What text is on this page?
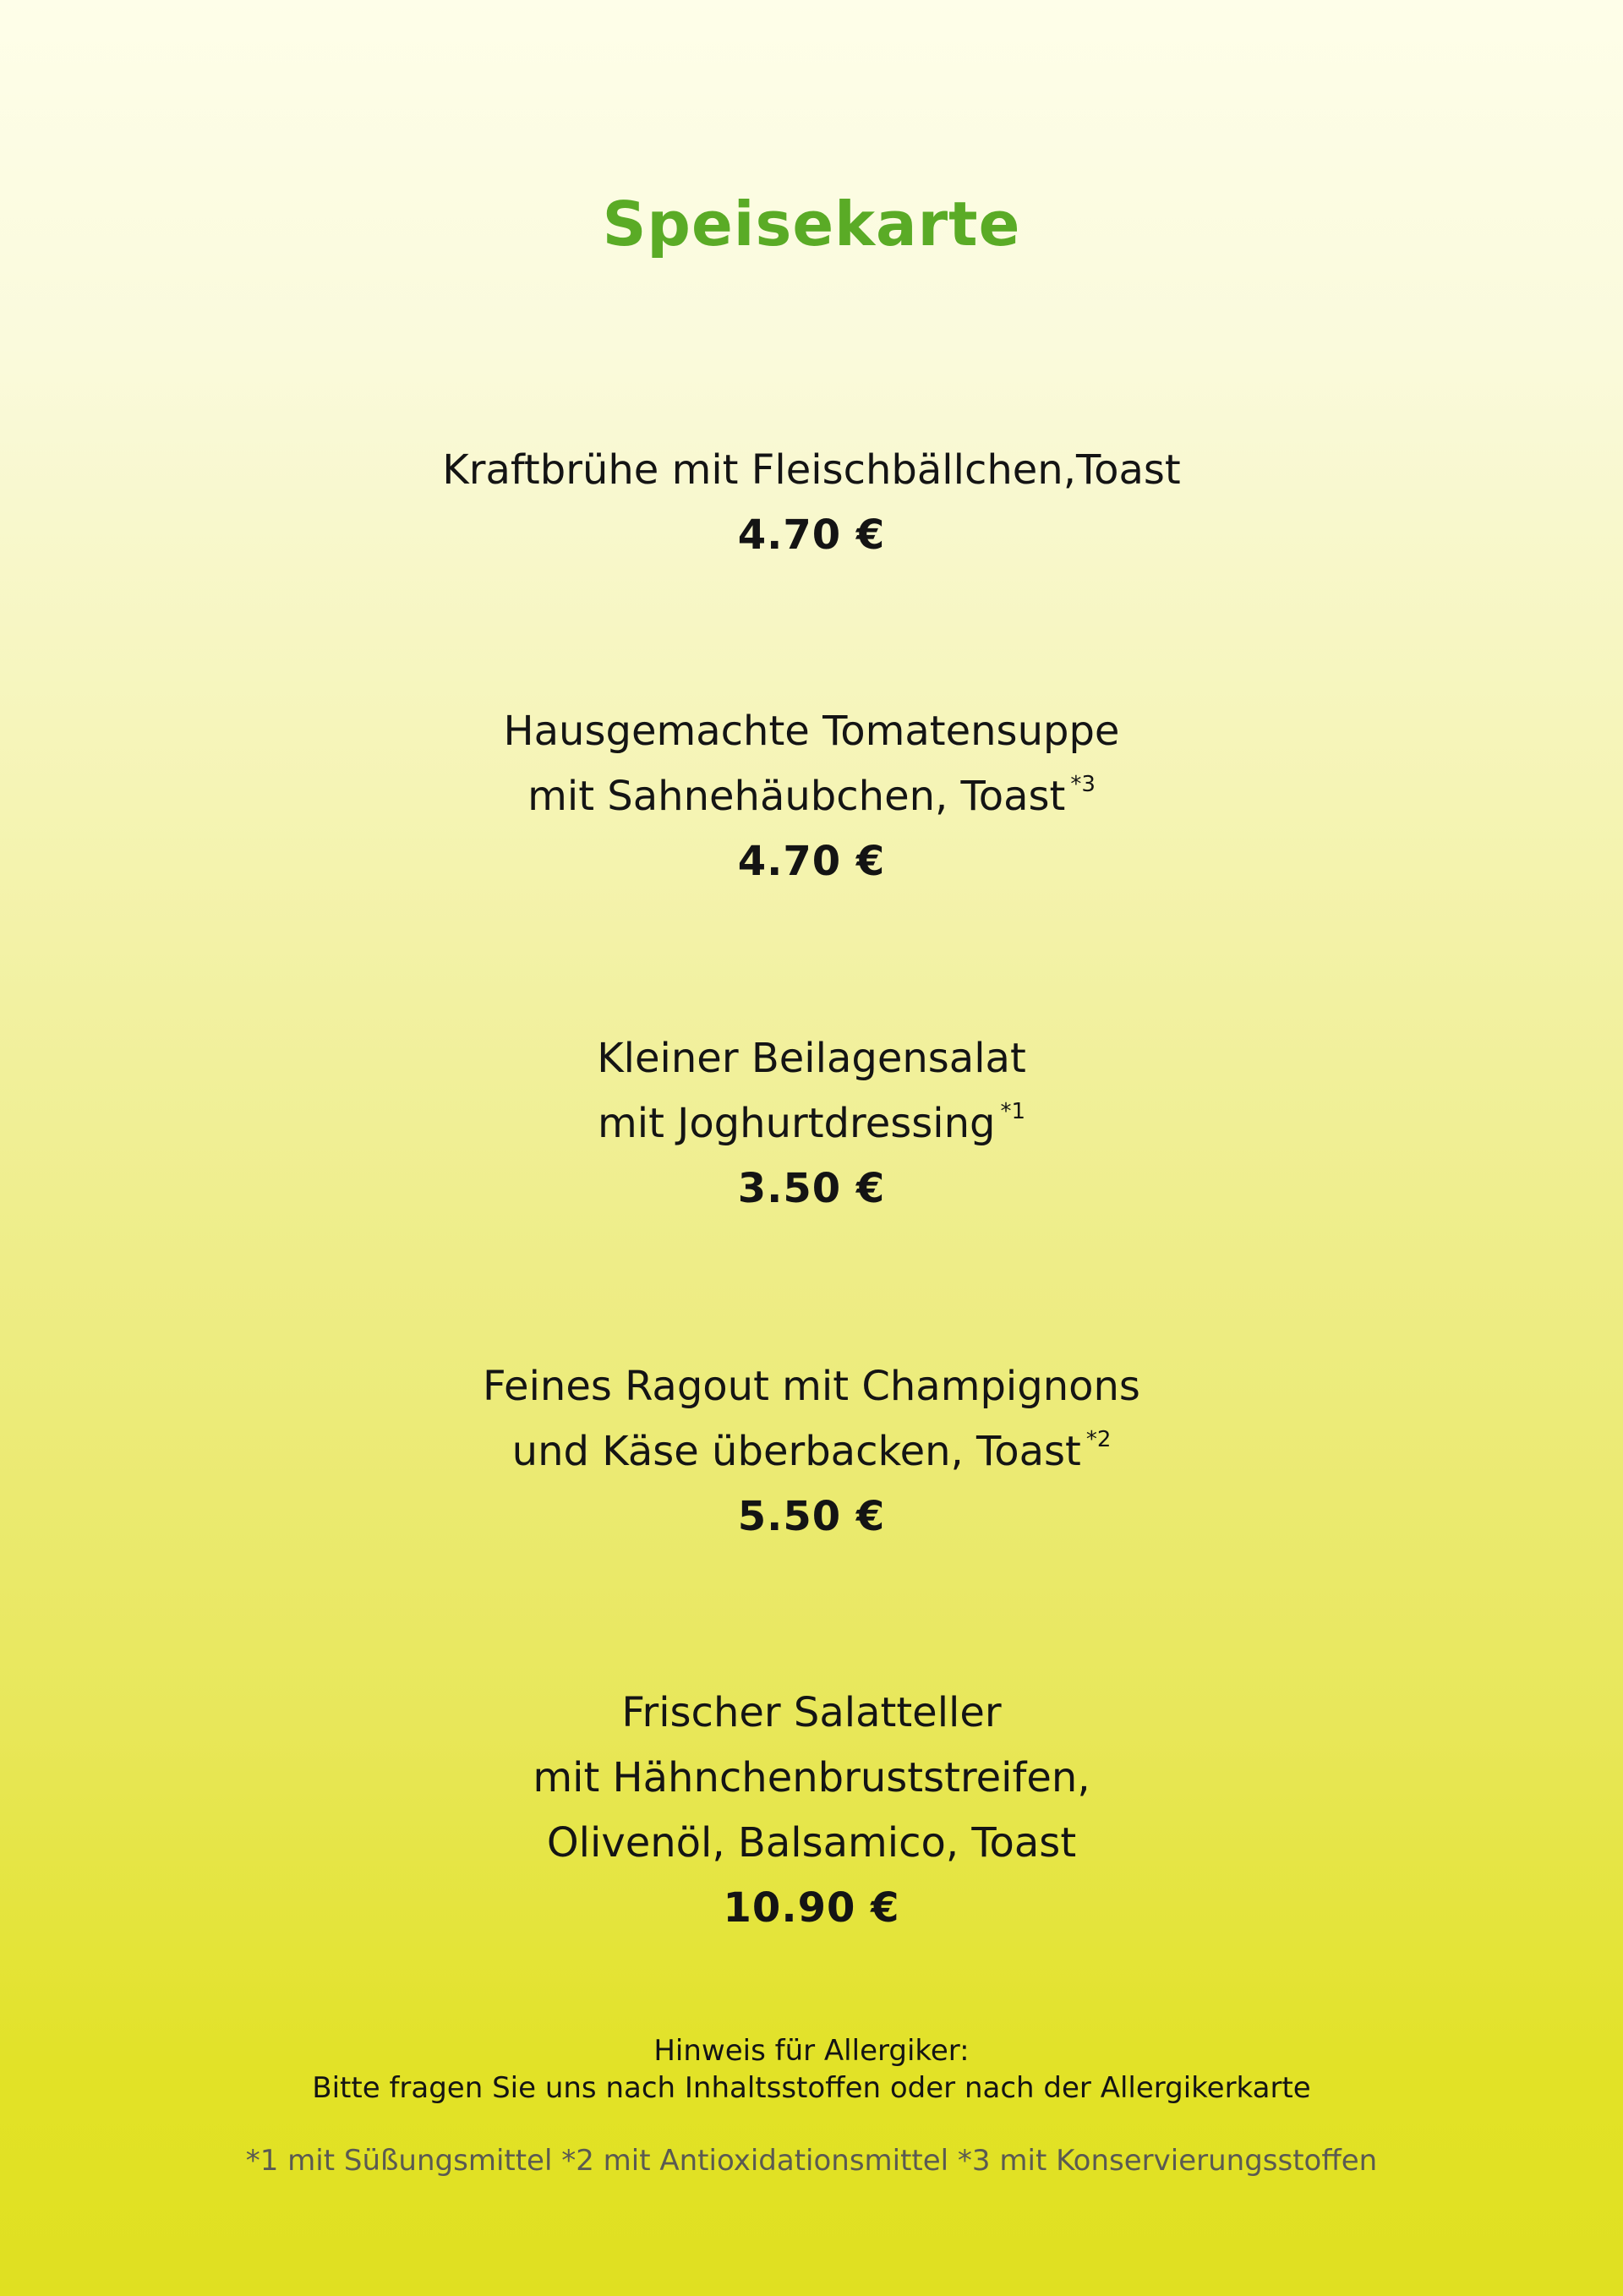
Speisekarte
Kraftbrühe mit Fleischbällchen,Toast
4.70 €
Hausgemachte Tomatensuppe
mit Sahnehäubchen, Toast $^{*3}$
4.70 €
Kleiner Beilagensalat
mit Joghurtdressing $^{*1}$
3.50 €
Feines Ragout mit Champignons
und Käse überbacken, Toast $^{*2}$
5.50 €
Frischer Salatteller
mit Hähnchenbruststreifen,
Olivenöl, Balsamico, Toast
10.90 €
Hinweis für Allergiker:
Bitte fragen Sie uns nach Inhaltsstoffen oder nach der Allergikerkarte
*1 mit Süßungsmittel *2 mit Antioxidationsmittel *3 mit Konservierungsstoffen
